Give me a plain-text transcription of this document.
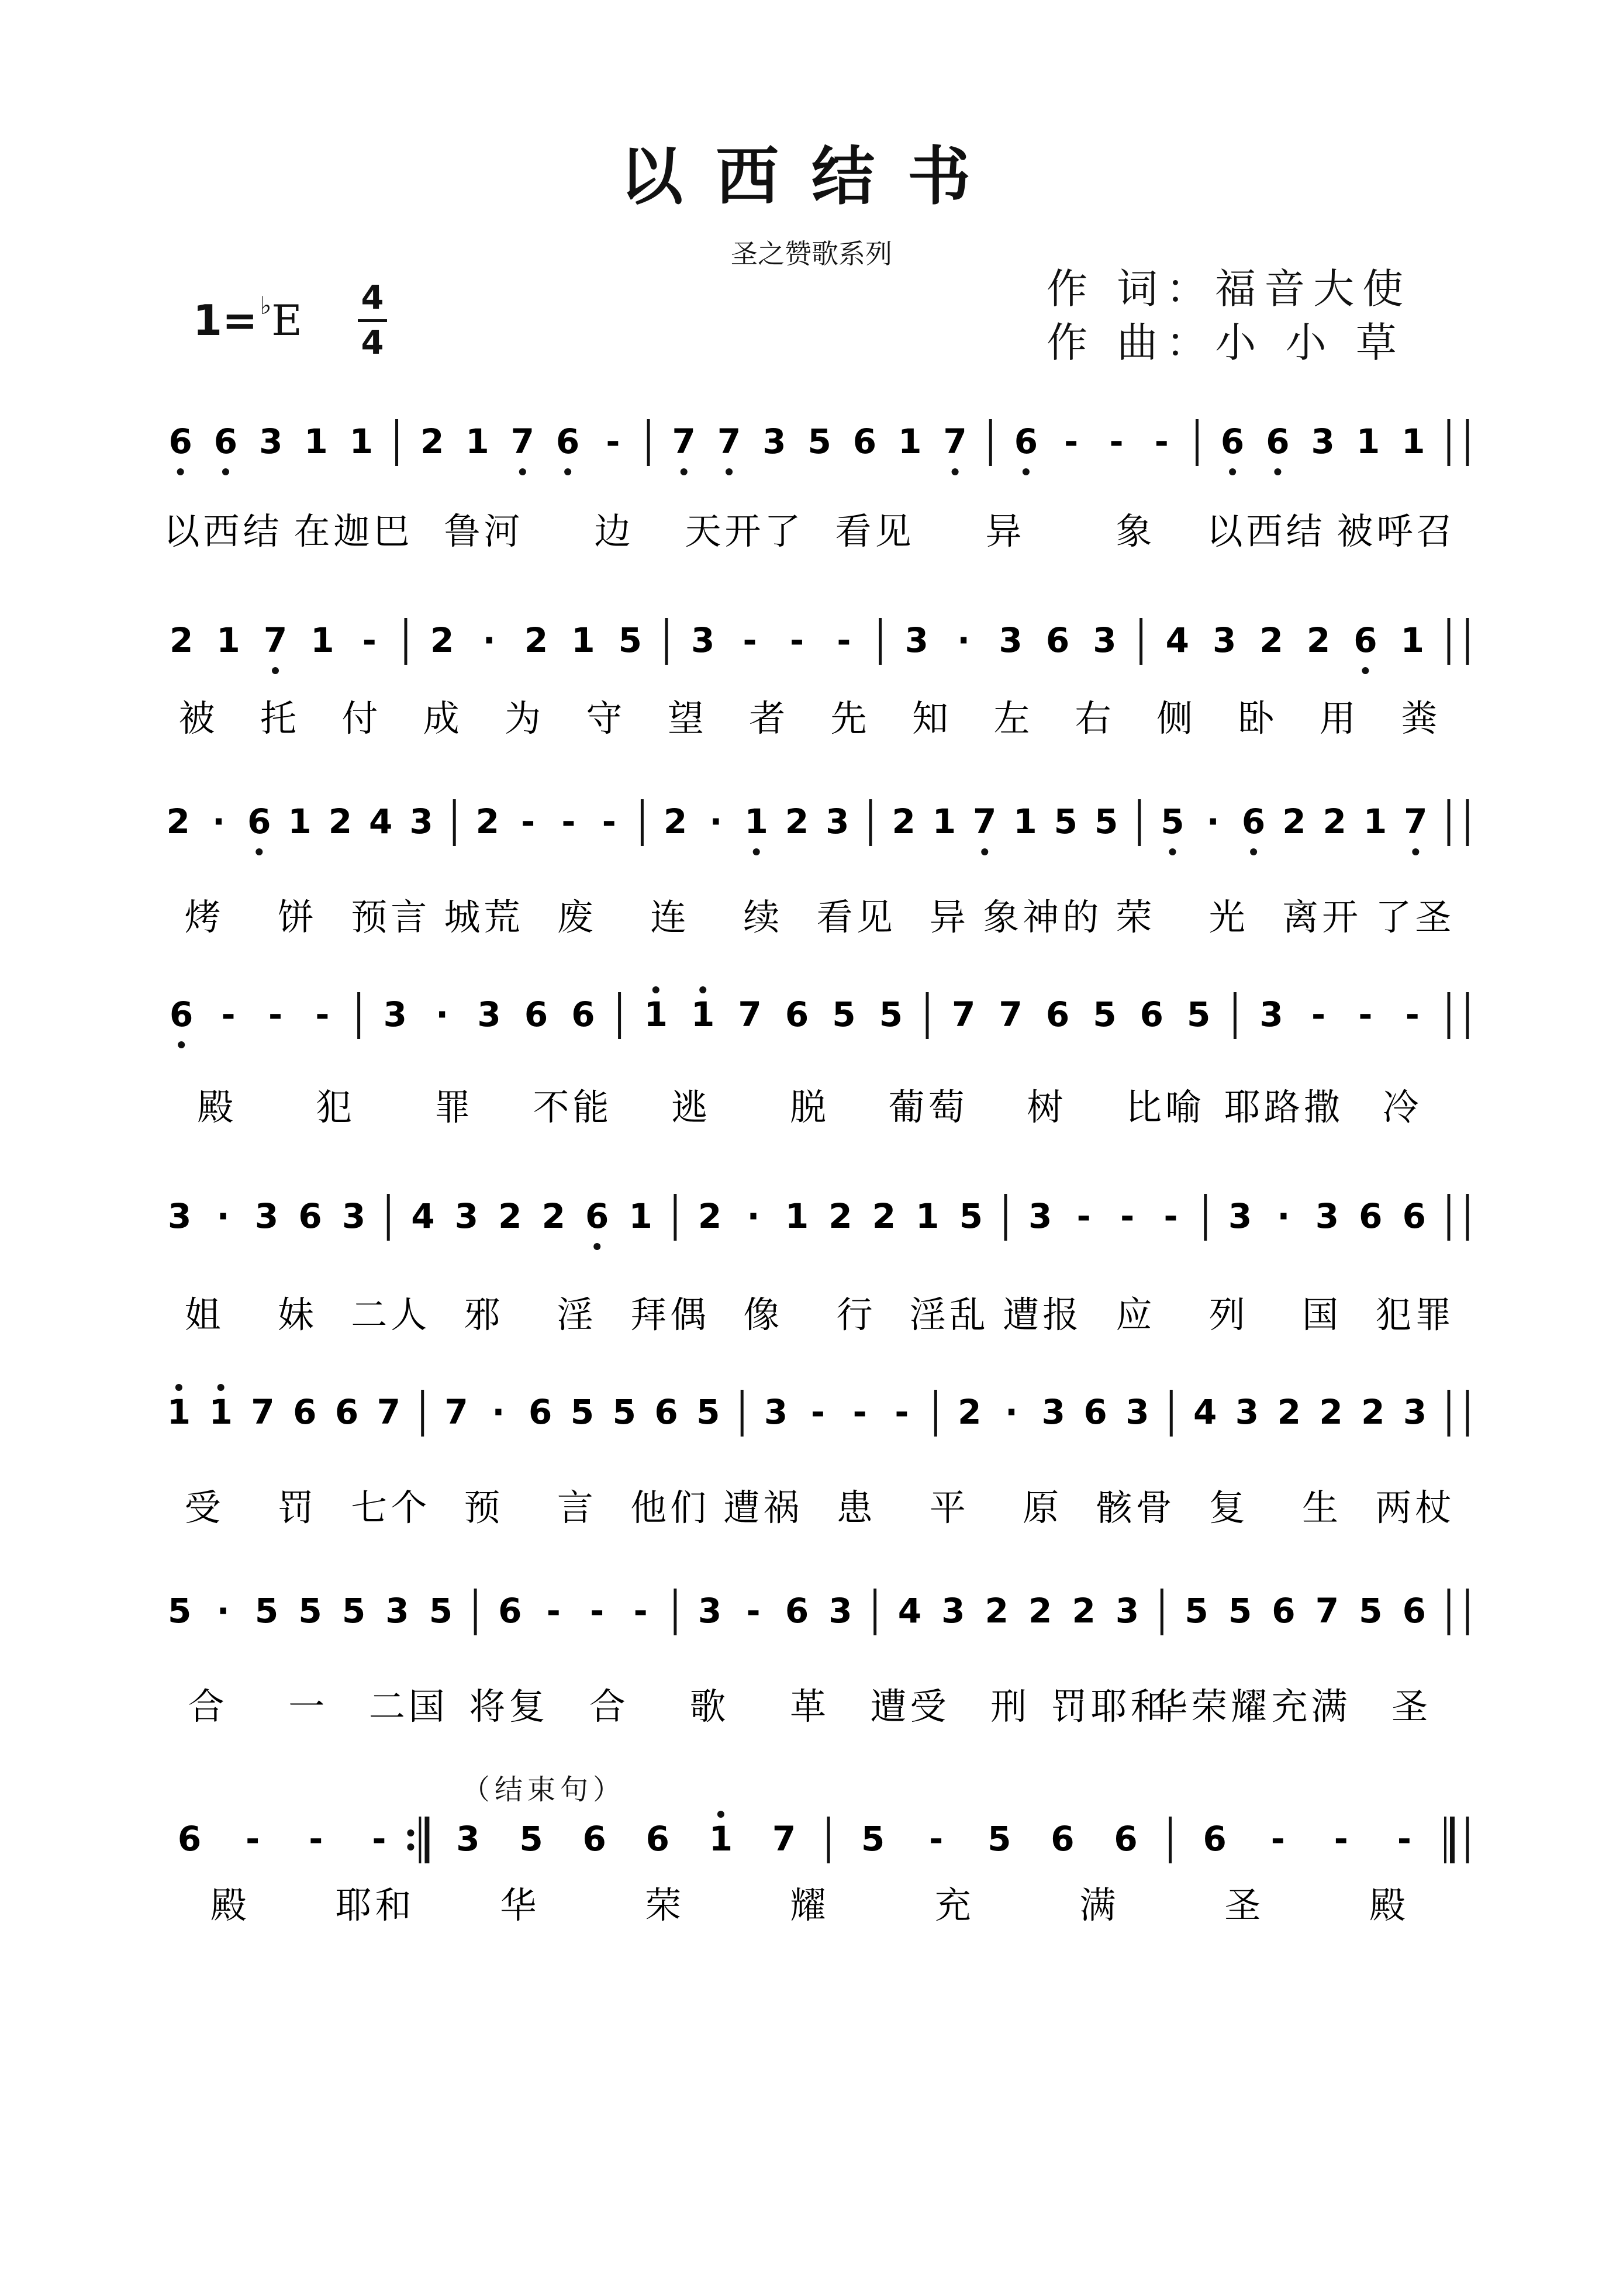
以西结书
圣之赞歌系列
1=♭E 4
4
作 词：福音大使
作 曲：小 小 草
（结束句）
6 6 3 1 1 2 1 7 6 - 7 7 3 5 6 1 7 6 - - - 6 6 3 1 1
以西结 在迦巴 鲁河 边 天开了 看见 异 象 以西结 被呼召
2 1 7 1 - 2 · 2 1 5 3 - - - 3 · 3 6 3 4 3 2 2 6 1
被 托 付 成 为 守 望 者 先 知 左 右 侧 卧 用 粪
2 · 6 1 2 4 3 2 - - - 2 · 1 2 3 2 1 7 1 5 5 5 · 6 2 2 1 7
烤 饼 预言 城荒 废 连 续 看见 异 象神的 荣 光 离开 了圣
6 - - - 3 · 3 6 6 1 1 7 6 5 5 7 7 6 5 6 5 3 - - -
殿 犯 罪 不能 逃 脱 葡萄 树 比喻 耶路撒 冷
3 · 3 6 3 4 3 2 2 6 1 2 · 1 2 2 1 5 3 - - - 3 · 3 6 6
姐 妹 二人 邪 淫 拜偶 像 行 淫乱 遭报 应 列 国 犯罪
1 1 7 6 6 7 7 · 6 5 5 6 5 3 - - - 2 · 3 6 3 4 3 2 2 2 3
受 罚 七个 预 言 他们 遭祸 患 平 原 骸骨 复 生 两杖
5 · 5 5 5 3 5 6 - - - 3 - 6 3 4 3 2 2 2 3 5 5 6 7 5 6
合 一 二国 将复 合 歌 革 遭受 刑 罚耶和
华荣耀 充满 圣
6 - - - 3 5 6 6 1 7 5 - 5 6 6 6 - - -
殿 耶和 华	荣	耀	充	满	圣	殿
